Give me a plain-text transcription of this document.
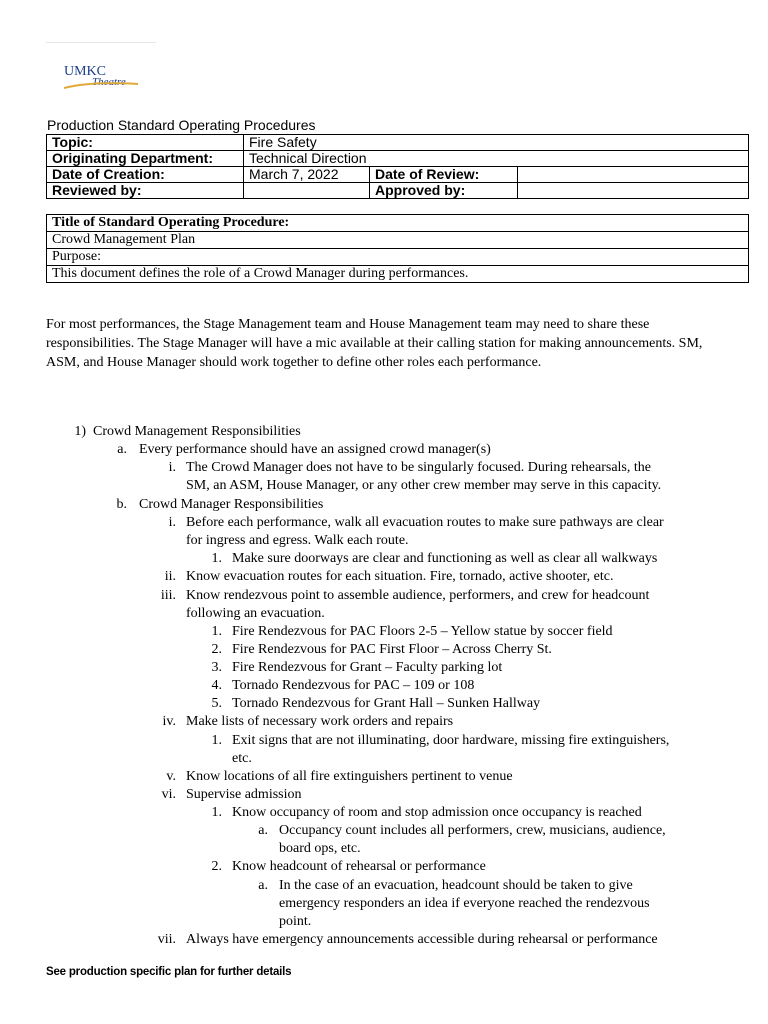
UMKC
Theatre
Production Standard Operating Procedures
Topic:	Fire Safety		
Originating Department:	Technical Direction		
Date of Creation:	March 7, 2022	Date of Review:	
Reviewed by:		Approved by:	
Title of Standard Operating Procedure:
Crowd Management Plan
Purpose:
This document defines the role of a Crowd Manager during performances.

For most performances, the Stage Management team and House Management team may need to share these responsibilities. The Stage Manager will have a mic available at their calling station for making announcements. SM, ASM, and House Manager should work together to define other roles each performance.

1) Crowd Management Responsibilities
a. Every performance should have an assigned crowd manager(s)
i. The Crowd Manager does not have to be singularly focused. During rehearsals, the
SM, an ASM, House Manager, or any other crew member may serve in this capacity.
b. Crowd Manager Responsibilities
i. Before each performance, walk all evacuation routes to make sure pathways are clear
for ingress and egress. Walk each route.
1. Make sure doorways are clear and functioning as well as clear all walkways
ii. Know evacuation routes for each situation. Fire, tornado, active shooter, etc.
iii. Know rendezvous point to assemble audience, performers, and crew for headcount
following an evacuation.
1. Fire Rendezvous for PAC Floors 2-5 – Yellow statue by soccer field
2. Fire Rendezvous for PAC First Floor – Across Cherry St.
3. Fire Rendezvous for Grant – Faculty parking lot
4. Tornado Rendezvous for PAC – 109 or 108
5. Tornado Rendezvous for Grant Hall – Sunken Hallway
iv. Make lists of necessary work orders and repairs
1. Exit signs that are not illuminating, door hardware, missing fire extinguishers,
etc.
v. Know locations of all fire extinguishers pertinent to venue
vi. Supervise admission
1. Know occupancy of room and stop admission once occupancy is reached
a. Occupancy count includes all performers, crew, musicians, audience,
board ops, etc.
2. Know headcount of rehearsal or performance
a. In the case of an evacuation, headcount should be taken to give
emergency responders an idea if everyone reached the rendezvous
point.
vii. Always have emergency announcements accessible during rehearsal or performance
See production specific plan for further details
